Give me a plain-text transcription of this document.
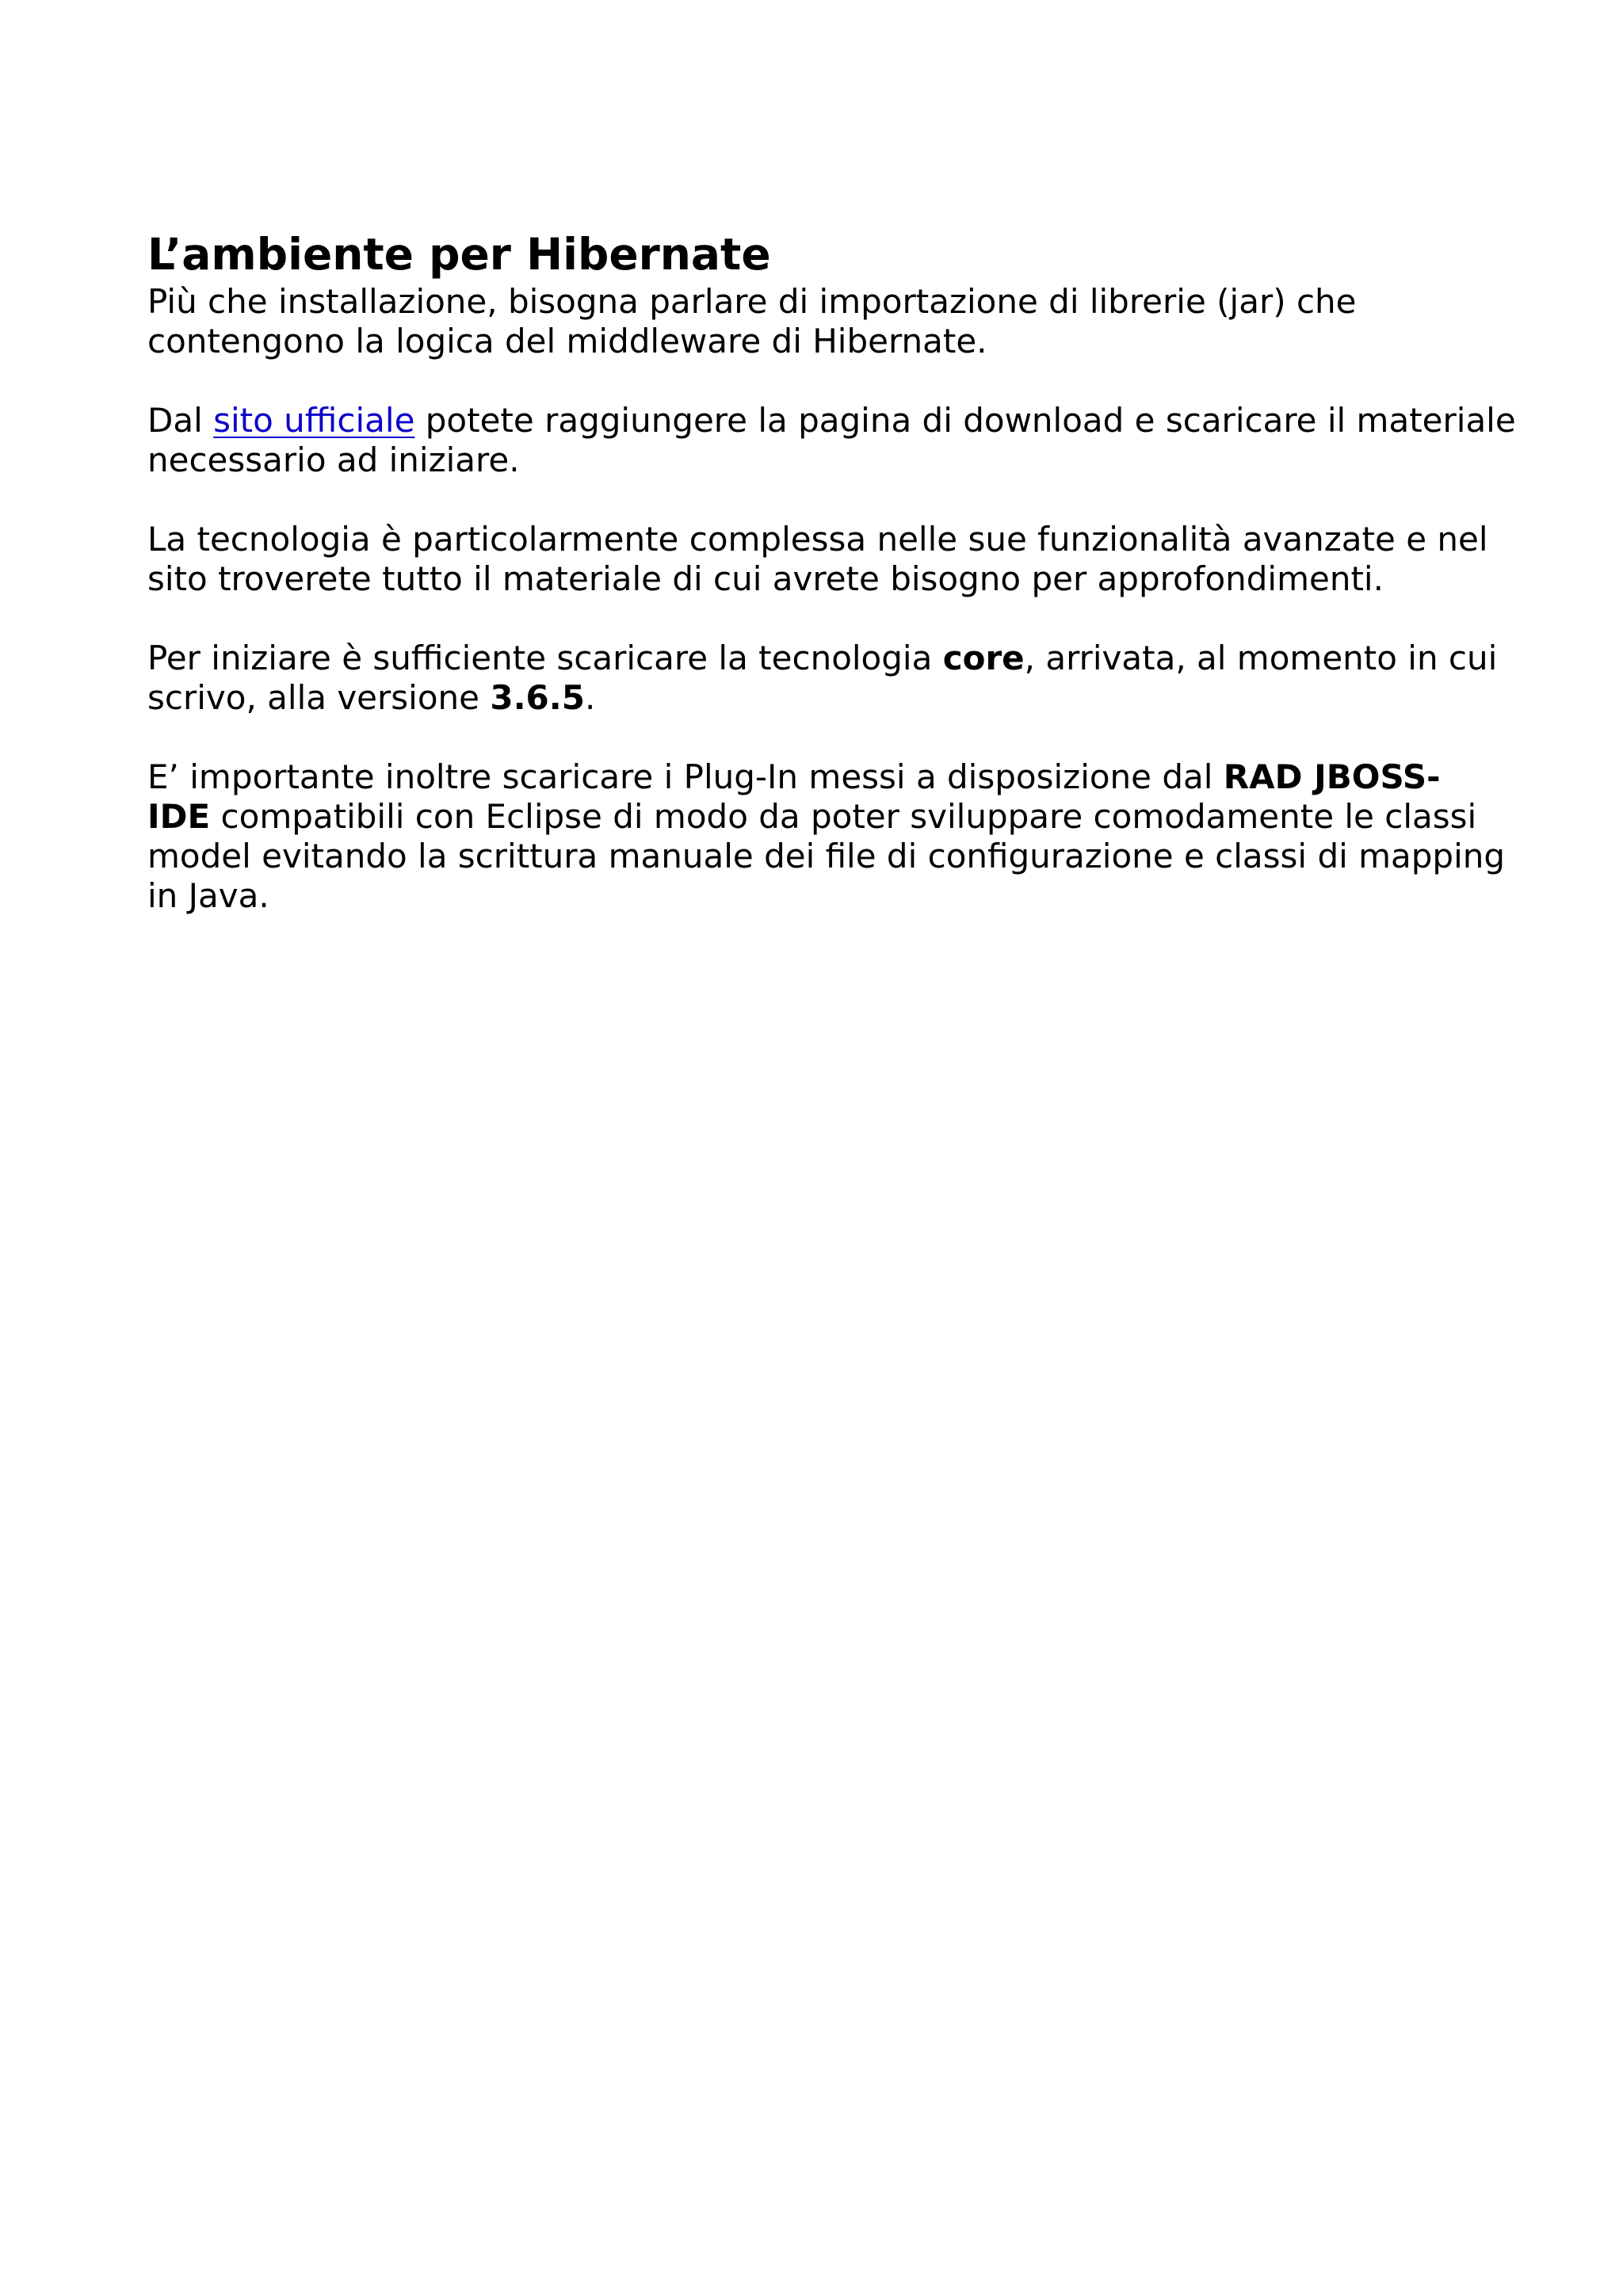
L’ambiente per Hibernate

Più che installazione, bisogna parlare di importazione di librerie (jar) che
contengono la logica del middleware di Hibernate.

Dal sito ufficiale potete raggiungere la pagina di download e scaricare il materiale
necessario ad iniziare.

La tecnologia è particolarmente complessa nelle sue funzionalità avanzate e nel
sito troverete tutto il materiale di cui avrete bisogno per approfondimenti.

Per iniziare è sufficiente scaricare la tecnologia core, arrivata, al momento in cui
scrivo, alla versione 3.6.5.

E’ importante inoltre scaricare i Plug-In messi a disposizione dal RAD JBOSS-
IDE compatibili con Eclipse di modo da poter sviluppare comodamente le classi
model evitando la scrittura manuale dei file di configurazione e classi di mapping
in Java.
